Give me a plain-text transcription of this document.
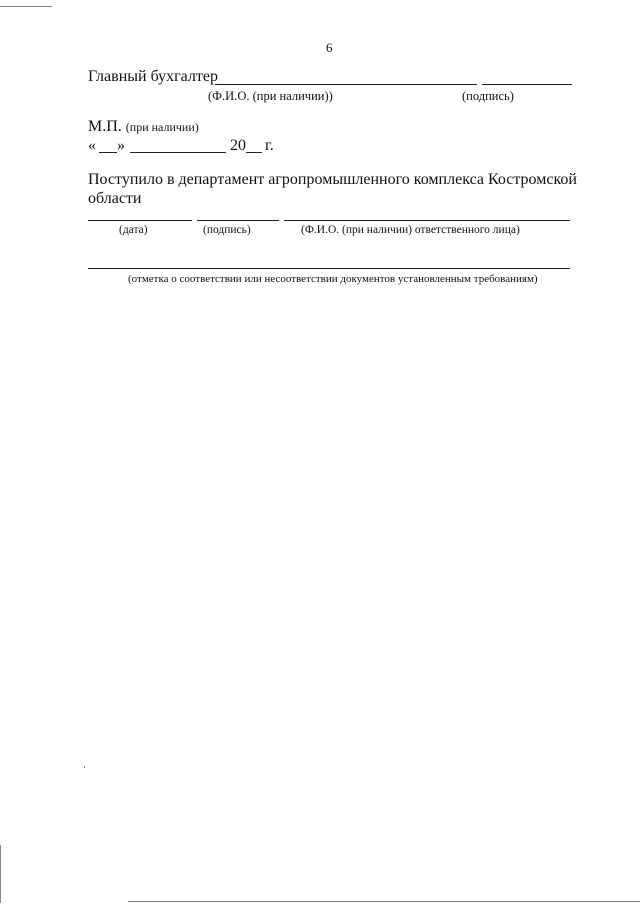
6
Главный бухгалтер
(Ф.И.О. (при наличии))	(подпись)
М.П. (при наличии)
« »	20 г.
Поступило в департамент агропромышленного комплекса Костромской
области
(дата)	(подпись)	(Ф.И.О. (при наличии) ответственного лица)
(отметка о соответствии или несоответствии документов установленным требованиям)
